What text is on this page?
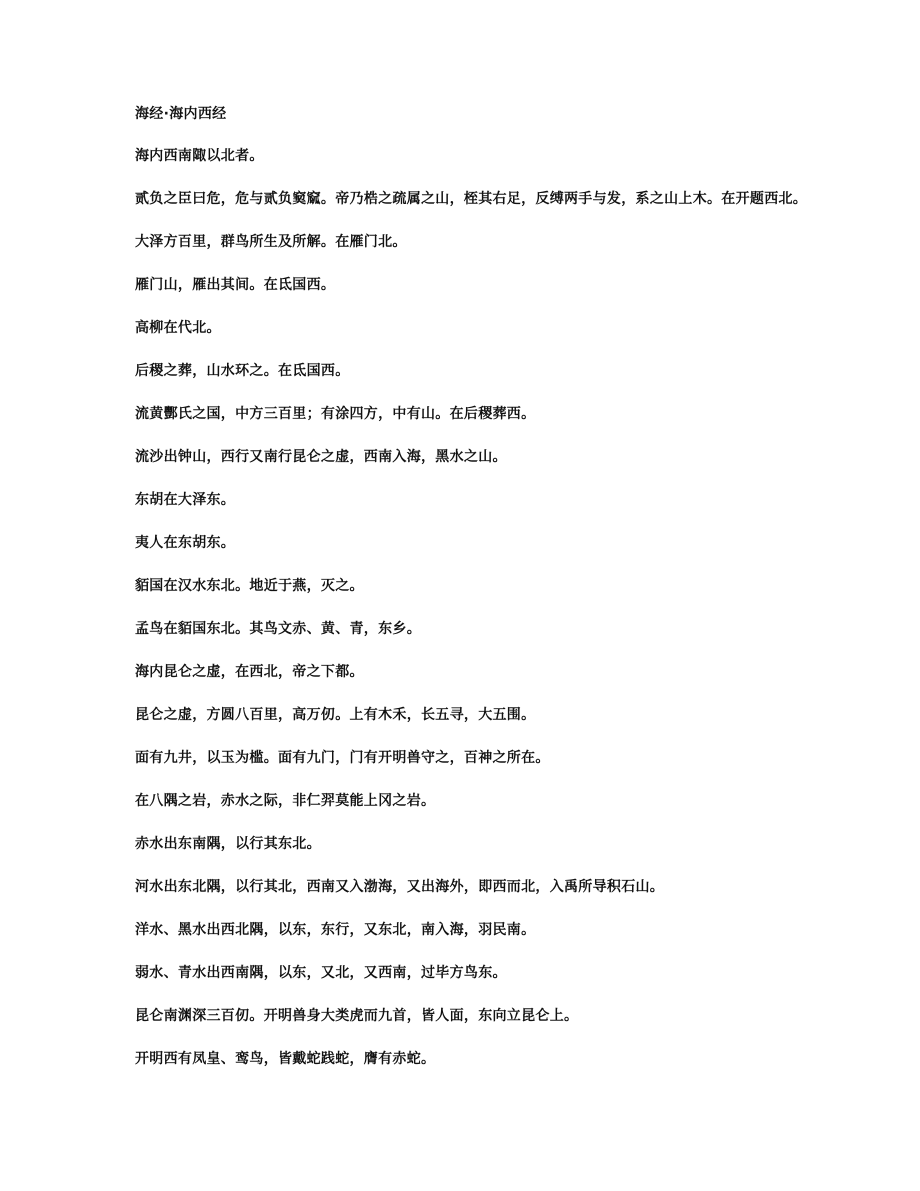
海经·海内西经

海内西南陬以北者。

贰负之臣曰危，危与贰负窫窳。帝乃梏之疏属之山，桎其右足，反缚两手与发，系之山上木。在开题西北。

大泽方百里，群鸟所生及所解。在雁门北。

雁门山，雁出其间。在氐国西。

高柳在代北。

后稷之葬，山水环之。在氐国西。

流黄酆氏之国，中方三百里；有涂四方，中有山。在后稷葬西。

流沙出钟山，西行又南行昆仑之虚，西南入海，黑水之山。

东胡在大泽东。

夷人在东胡东。

貊国在汉水东北。地近于燕，灭之。

孟鸟在貊国东北。其鸟文赤、黄、青，东乡。

海内昆仑之虚，在西北，帝之下都。

昆仑之虚，方圆八百里，高万仞。上有木禾，长五寻，大五围。

面有九井，以玉为槛。面有九门，门有开明兽守之，百神之所在。

在八隅之岩，赤水之际，非仁羿莫能上冈之岩。

赤水出东南隅，以行其东北。

河水出东北隅，以行其北，西南又入渤海，又出海外，即西而北，入禹所导积石山。

洋水、黑水出西北隅，以东，东行，又东北，南入海，羽民南。

弱水、青水出西南隅，以东，又北，又西南，过毕方鸟东。

昆仑南渊深三百仞。开明兽身大类虎而九首，皆人面，东向立昆仑上。

开明西有凤皇、鸾鸟，皆戴蛇践蛇，膺有赤蛇。
